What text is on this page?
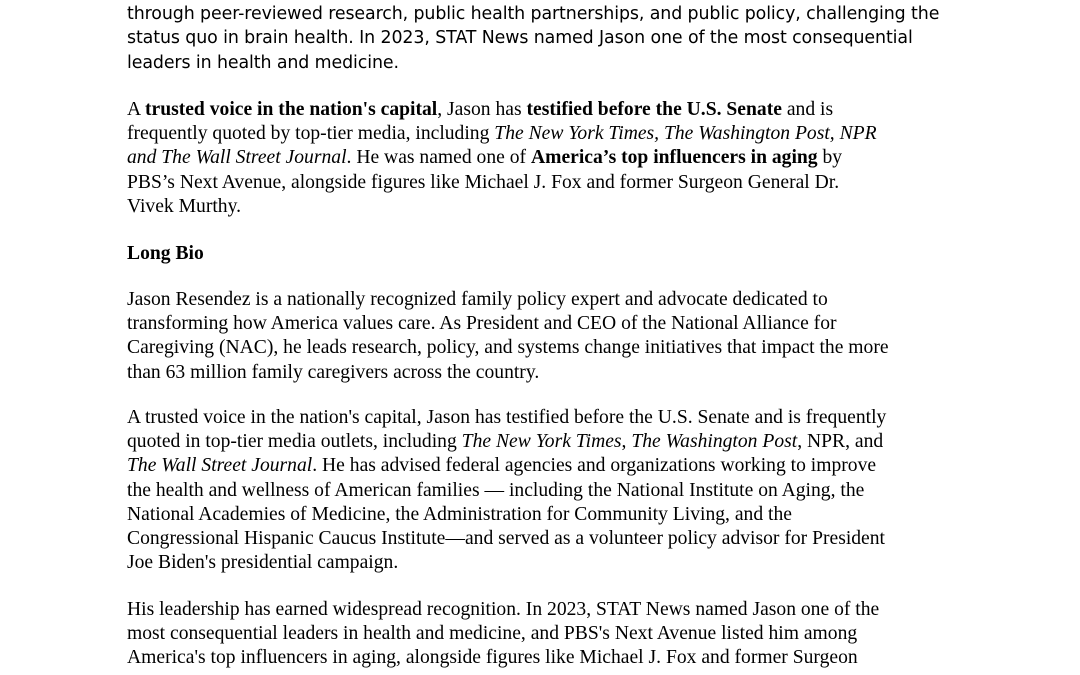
through peer-reviewed research, public health partnerships, and public policy, challenging the
status quo in brain health. In 2023, STAT News named Jason one of the most consequential
leaders in health and medicine.
A trusted voice in the nation's capital, Jason has testified before the U.S. Senate and is
frequently quoted by top-tier media, including The New York Times, The Washington Post, NPR
and The Wall Street Journal. He was named one of America’s top influencers in aging by
PBS’s Next Avenue, alongside figures like Michael J. Fox and former Surgeon General Dr.
Vivek Murthy.
Long Bio
Jason Resendez is a nationally recognized family policy expert and advocate dedicated to
transforming how America values care. As President and CEO of the National Alliance for
Caregiving (NAC), he leads research, policy, and systems change initiatives that impact the more
than 63 million family caregivers across the country.
A trusted voice in the nation's capital, Jason has testified before the U.S. Senate and is frequently
quoted in top-tier media outlets, including The New York Times, The Washington Post, NPR, and
The Wall Street Journal. He has advised federal agencies and organizations working to improve
the health and wellness of American families — including the National Institute on Aging, the
National Academies of Medicine, the Administration for Community Living, and the
Congressional Hispanic Caucus Institute—and served as a volunteer policy advisor for President
Joe Biden's presidential campaign.
His leadership has earned widespread recognition. In 2023, STAT News named Jason one of the
most consequential leaders in health and medicine, and PBS's Next Avenue listed him among
America's top influencers in aging, alongside figures like Michael J. Fox and former Surgeon
